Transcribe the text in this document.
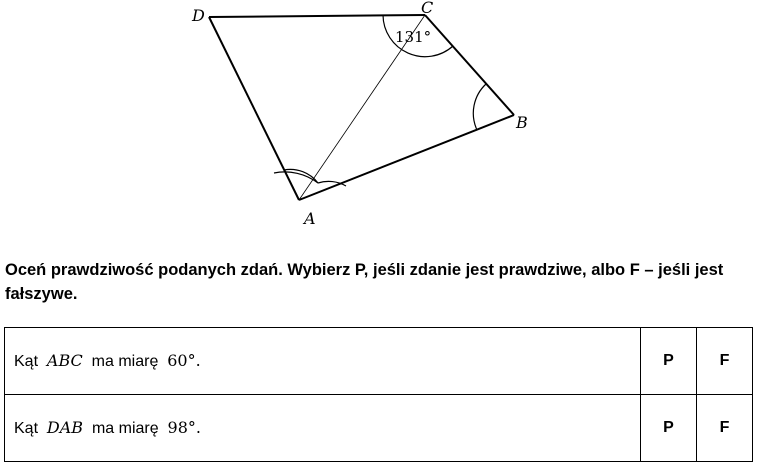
D	C
B
A
131°

Oceń prawdziwość podanych zdań. Wybierz P, jeśli zdanie jest prawdziwe, albo F – jeśli jest fałszywe.

Kąt ABC ma miarę 60°.	P	F
Kąt DAB ma miarę 98°.	P	F
